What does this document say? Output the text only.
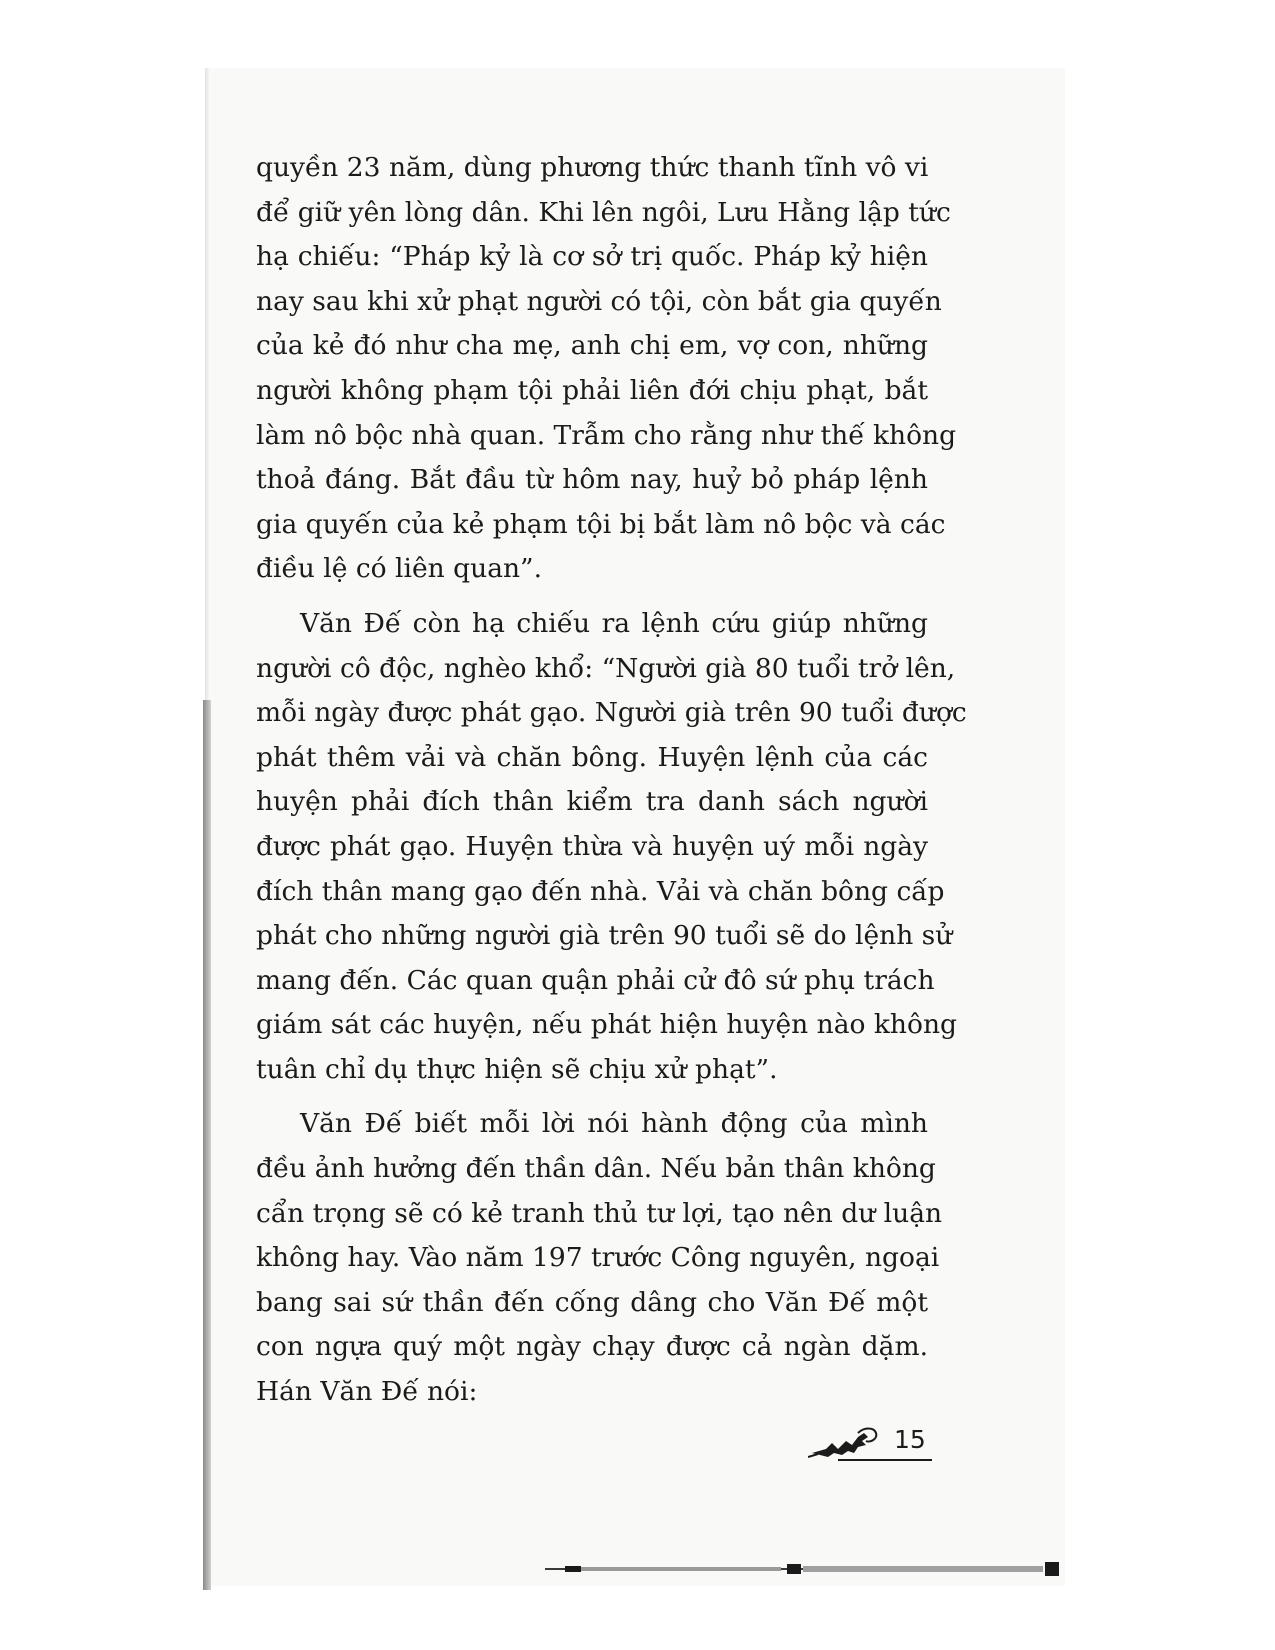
quyền 23 năm, dùng phương thức thanh tĩnh vô vi
để giữ yên lòng dân. Khi lên ngôi, Lưu Hằng lập tức
hạ chiếu: “Pháp kỷ là cơ sở trị quốc. Pháp kỷ hiện
nay sau khi xử phạt người có tội, còn bắt gia quyến
của kẻ đó như cha mẹ, anh chị em, vợ con, những
người không phạm tội phải liên đới chịu phạt, bắt
làm nô bộc nhà quan. Trẫm cho rằng như thế không
thoả đáng. Bắt đầu từ hôm nay, huỷ bỏ pháp lệnh
gia quyến của kẻ phạm tội bị bắt làm nô bộc và các
điều lệ có liên quan”.
Văn Đế còn hạ chiếu ra lệnh cứu giúp những
người cô độc, nghèo khổ: “Người già 80 tuổi trở lên,
mỗi ngày được phát gạo. Người già trên 90 tuổi được
phát thêm vải và chăn bông. Huyện lệnh của các
huyện phải đích thân kiểm tra danh sách người
được phát gạo. Huyện thừa và huyện uý mỗi ngày
đích thân mang gạo đến nhà. Vải và chăn bông cấp
phát cho những người già trên 90 tuổi sẽ do lệnh sử
mang đến. Các quan quận phải cử đô sứ phụ trách
giám sát các huyện, nếu phát hiện huyện nào không
tuân chỉ dụ thực hiện sẽ chịu xử phạt”.
Văn Đế biết mỗi lời nói hành động của mình
đều ảnh hưởng đến thần dân. Nếu bản thân không
cẩn trọng sẽ có kẻ tranh thủ tư lợi, tạo nên dư luận
không hay. Vào năm 197 trước Công nguyên, ngoại
bang sai sứ thần đến cống dâng cho Văn Đế một
con ngựa quý một ngày chạy được cả ngàn dặm.
Hán Văn Đế nói:
15
